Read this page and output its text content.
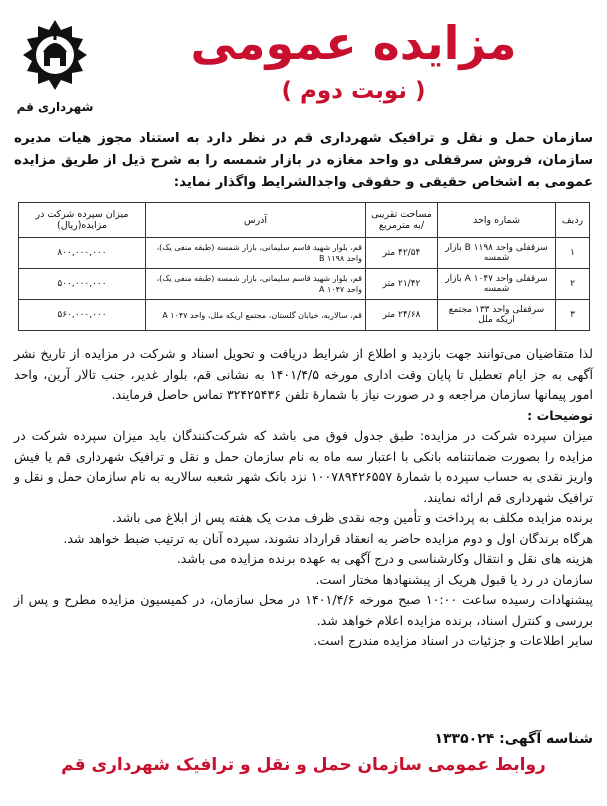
مزایده عمومی
( نوبت دوم )
شهرداری قم
سازمان حمل و نقل و ترافیک شهرداری قم در نظر دارد به استناد مجوز هیات مدیره سازمان، فروش سرقفلی دو واحد مغازه در بازار شمسه را به شرح ذیل از طریق مزایده عمومی به اشخاص حقیقی و حقوقی واجدالشرایط واگذار نماید:
ردیف	شماره واحد	مساحت تقریبی /به مترمربع	آدرس	میزان سپرده شرکت در مزایده(ریال)
۱	سرقفلی واحد ۱۱۹۸ B بازار شمسه	۴۲/۵۴ متر	قم، بلوار شهید قاسم سلیمانی، بازار شمسه (طبقه منفی یک)، واحد ۱۱۹۸ B	۸۰۰,۰۰۰,۰۰۰
۲	سرقفلی واحد ۱۰۴۷ A بازار شمسه	۲۱/۴۲ متر	قم، بلوار شهید قاسم سلیمانی، بازار شمسه (طبقه منفی یک)، واحد ۱۰۴۷ A	۵۰۰,۰۰۰,۰۰۰
۳	سرقفلی واحد ۱۳۳ مجتمع اریکه ملل	۲۴/۶۸ متر	قم، سالاریه، خیابان گلستان، مجتمع اریکه ملل، واحد ۱۰۴۷ A	۵۶۰,۰۰۰,۰۰۰

لذا متقاضیان می‌توانند جهت بازدید و اطلاع از شرایط دریافت و تحویل اسناد و شرکت در مزایده از تاریخ نشر آگهی به جز ایام تعطیل تا پایان وقت اداری مورخه ۱۴۰۱/۴/۵ به نشانی قم، بلوار غدیر، جنب تالار آرین، واحد امور پیمانها سازمان مراجعه و در صورت نیاز با شمارهٔ تلفن ۳۲۴۲۵۴۳۶ تماس حاصل فرمایند.

توضیحات :

میزان سپرده شرکت در مزایده: طبق جدول فوق می باشد که شرکت‌کنندگان باید میزان سپرده شرکت در مزایده را بصورت ضمانتنامه بانکی با اعتبار سه ماه به نام سازمان حمل و نقل و ترافیک شهرداری قم یا فیش واریز نقدی به حساب سپرده با شمارهٔ ۱۰۰۷۸۹۴۲۶۵۵۷ نزد بانک شهر شعبه سالاریه به نام سازمان حمل و نقل و ترافیک شهرداری قم ارائه نمایند.

برنده مزایده مکلف به پرداخت و تأمین وجه نقدی ظرف مدت یک هفته پس از ابلاغ می باشد.

هرگاه برندگان اول و دوم مزایده حاضر به انعقاد قرارداد نشوند، سپرده آنان به ترتیب ضبط خواهد شد.

هزینه های نقل و انتقال وکارشناسی و درج آگهی به عهده برنده مزایده می باشد.

سازمان در رد یا قبول هریک از پیشنهادها مختار است.

پیشنهادات رسیده ساعت ۱۰:۰۰ صبح مورخه ۱۴۰۱/۴/۶ در محل سازمان، در کمیسیون مزایده مطرح و پس از بررسی و کنترل اسناد، برنده مزایده اعلام خواهد شد.

سایر اطلاعات و جزئیات در اسناد مزایده مندرج است.

شناسه آگهی: ۱۳۳۵۰۲۴
روابط عمومی سازمان حمل و نقل و ترافیک شهرداری قم
